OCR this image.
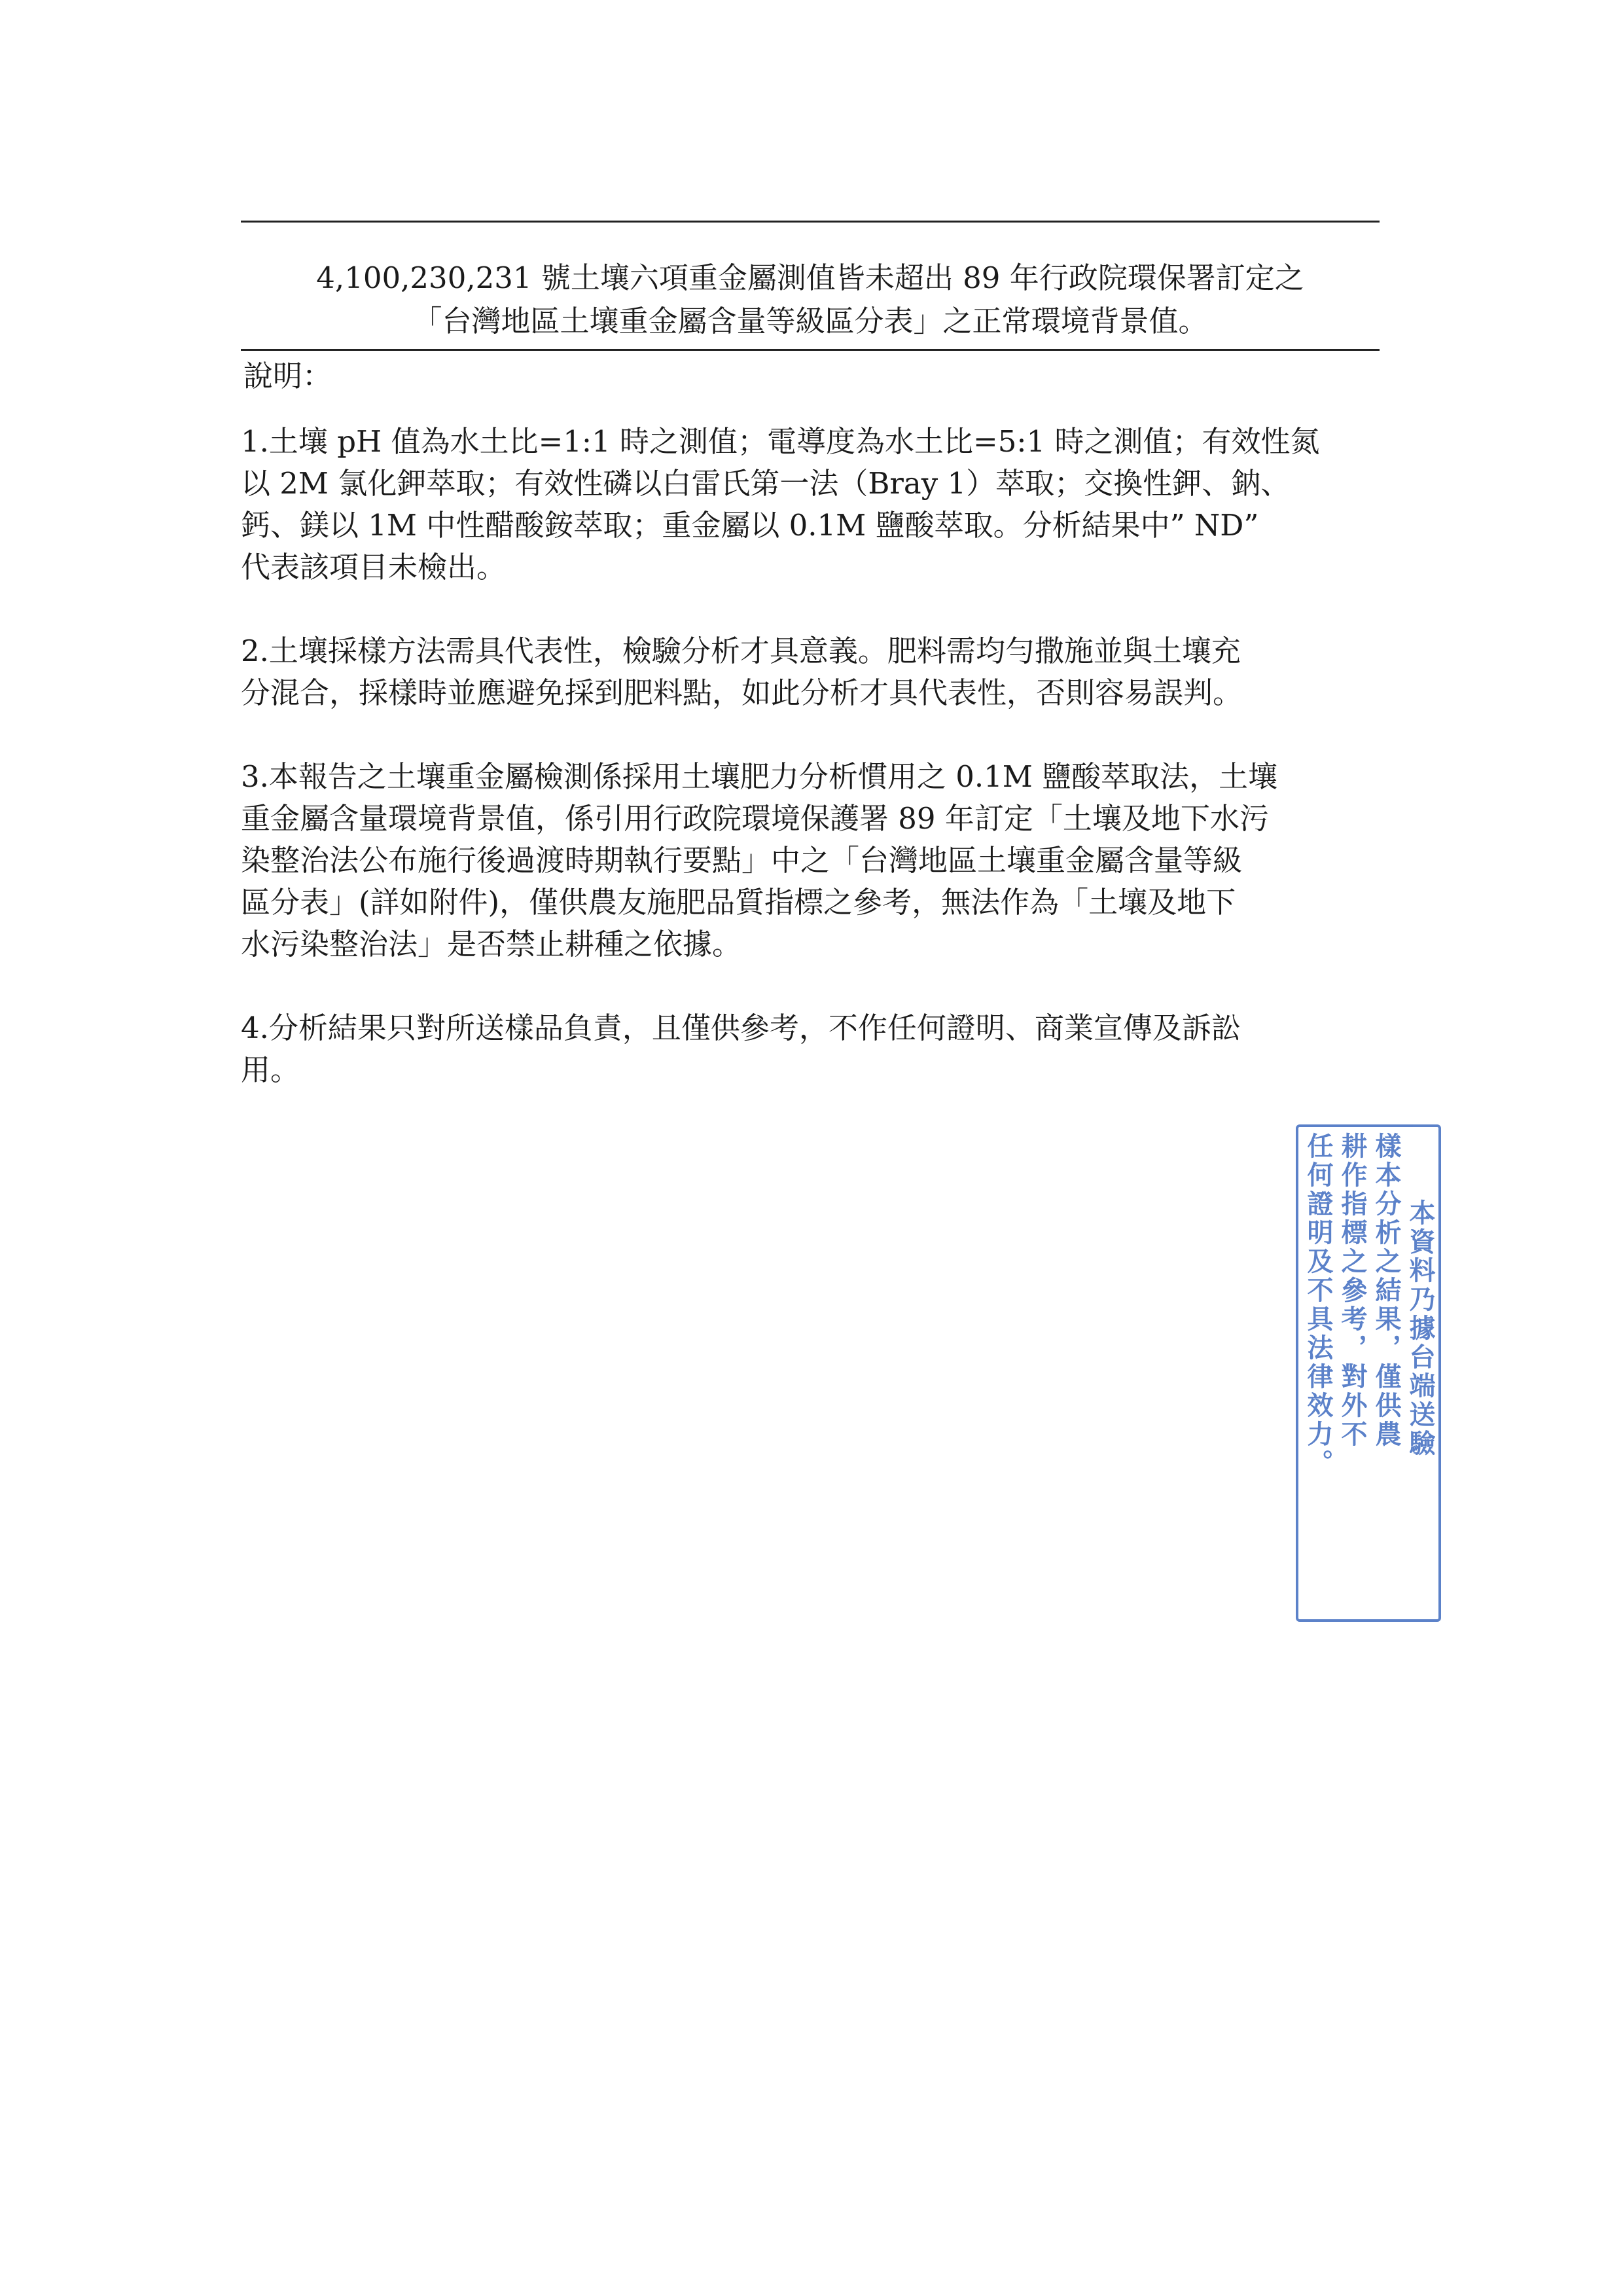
4,100,230,231 號土壤六項重金屬測值皆未超出 89 年行政院環保署訂定之
「台灣地區土壤重金屬含量等級區分表」之正常環境背景值。
說明：
1.土壤 pH 值為水土比=1:1 時之測值；電導度為水土比=5:1 時之測值；有效性氮
以 2M 氯化鉀萃取；有效性磷以白雷氏第一法（Bray 1）萃取；交換性鉀、鈉、
鈣、鎂以 1M 中性醋酸銨萃取；重金屬以 0.1M 鹽酸萃取。分析結果中” ND”
代表該項目未檢出。
2.土壤採樣方法需具代表性，檢驗分析才具意義。肥料需均勻撒施並與土壤充
分混合，採樣時並應避免採到肥料點，如此分析才具代表性，否則容易誤判。
3.本報告之土壤重金屬檢測係採用土壤肥力分析慣用之 0.1M 鹽酸萃取法，土壤
重金屬含量環境背景值，係引用行政院環境保護署 89 年訂定「土壤及地下水污
染整治法公布施行後過渡時期執行要點」中之「台灣地區土壤重金屬含量等級
區分表」(詳如附件)，僅供農友施肥品質指標之參考，無法作為「土壤及地下
水污染整治法」是否禁止耕種之依據。
4.分析結果只對所送樣品負責，且僅供參考，不作任何證明、商業宣傳及訴訟
用。
本資料乃據台端送驗
樣本分析之結果，僅供農
耕作指標之參考，對外不
任何證明及不具法律效力。
